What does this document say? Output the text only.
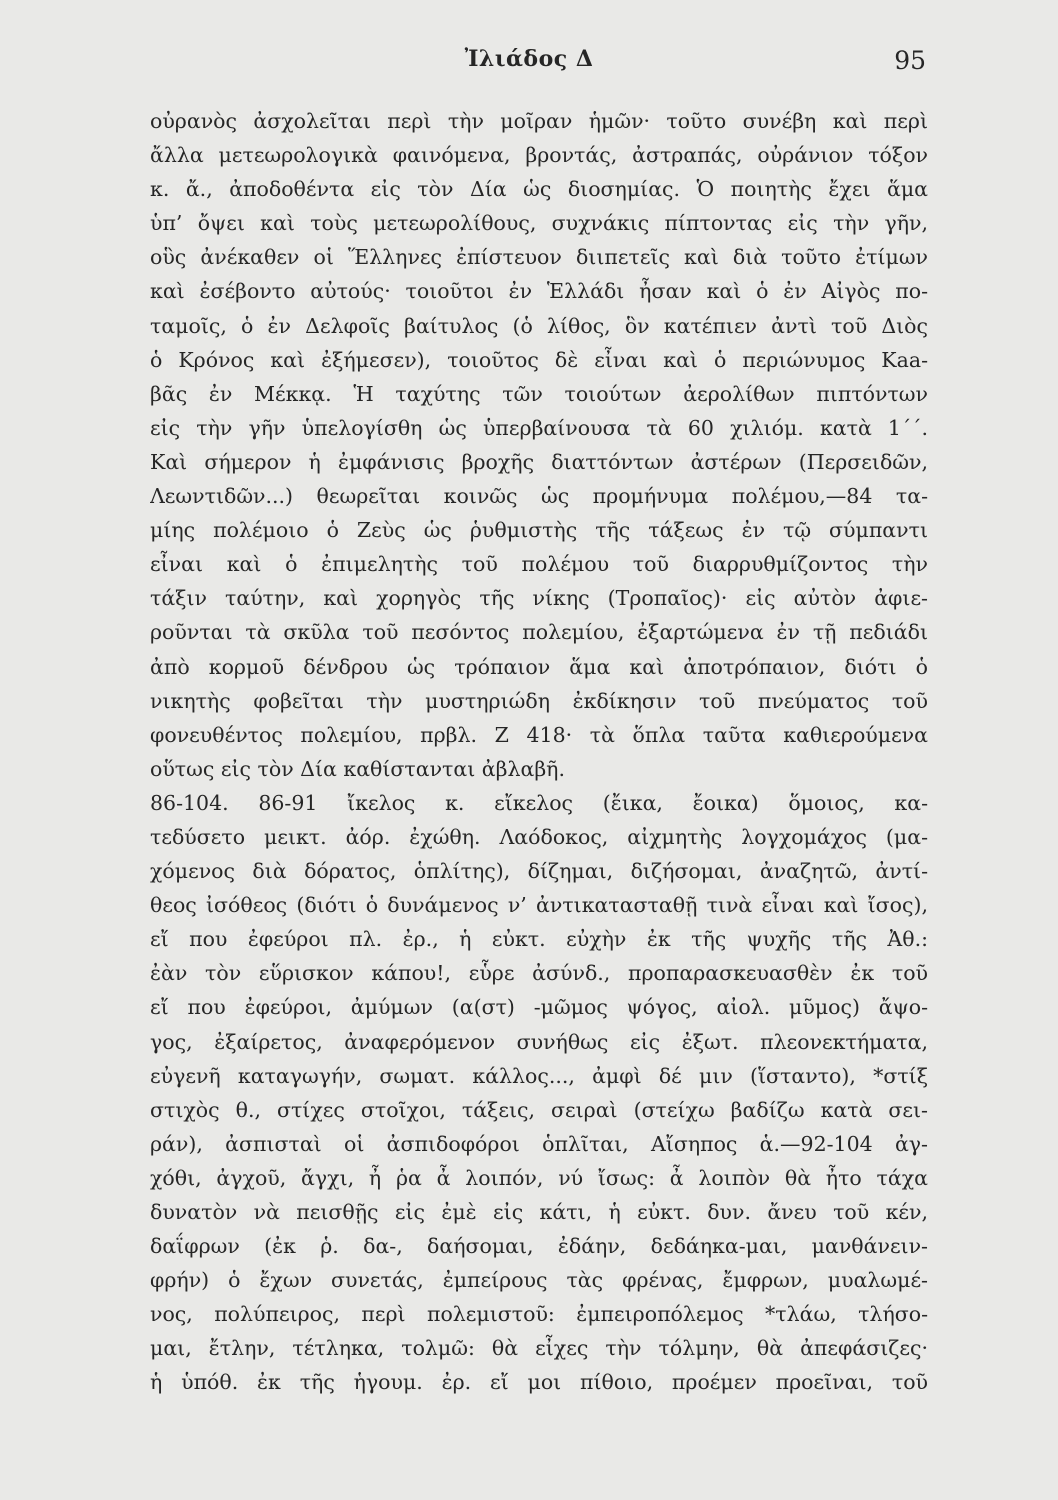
Ἰλιάδος Δ	95
οὐρανὸς ἀσχολεῖται περὶ τὴν μοῖραν ἡμῶν· τοῦτο συνέβη καὶ περὶ
ἄλλα μετεωρολογικὰ φαινόμενα, βροντάς, ἀστραπάς, οὐράνιον τόξον
κ. ἄ., ἀποδοθέντα εἰς τὸν Δία ὡς διοσημίας. Ὁ ποιητὴς ἔχει ἅμα
ὑπ’ ὄψει καὶ τοὺς μετεωρολίθους, συχνάκις πίπτοντας εἰς τὴν γῆν,
οὓς ἀνέκαθεν οἱ Ἕλληνες ἐπίστευον διιπετεῖς καὶ διὰ τοῦτο ἐτίμων
καὶ ἐσέβοντο αὐτούς· τοιοῦτοι ἐν Ἑλλάδι ἦσαν καὶ ὁ ἐν Αἰγὸς πο-
ταμοῖς, ὁ ἐν Δελφοῖς βαίτυλος (ὁ λίθος, ὃν κατέπιεν ἀντὶ τοῦ Διὸς
ὁ Κρόνος καὶ ἐξήμεσεν), τοιοῦτος δὲ εἶναι καὶ ὁ περιώνυμος Κaa-
βᾶς ἐν Μέκκᾳ. Ἡ ταχύτης τῶν τοιούτων ἀερολίθων πιπτόντων
εἰς τὴν γῆν ὑπελογίσθη ὡς ὑπερβαίνουσα τὰ 60 χιλιόμ. κατὰ 1΄΄.
Καὶ σήμερον ἡ ἐμφάνισις βροχῆς διαττόντων ἀστέρων (Περσειδῶν,
Λεωντιδῶν...) θεωρεῖται κοινῶς ὡς προμήνυμα πολέμου,—84 τα-
μίης πολέμοιο ὁ Ζεὺς ὡς ῥυθμιστὴς τῆς τάξεως ἐν τῷ σύμπαντι
εἶναι καὶ ὁ ἐπιμελητὴς τοῦ πολέμου τοῦ διαρρυθμίζοντος τὴν
τάξιν ταύτην, καὶ χορηγὸς τῆς νίκης (Τροπαῖος)· εἰς αὐτὸν ἀφιε-
ροῦνται τὰ σκῦλα τοῦ πεσόντος πολεμίου, ἐξαρτώμενα ἐν τῇ πεδιάδι
ἀπὸ κορμοῦ δένδρου ὡς τρόπαιον ἅμα καὶ ἀποτρόπαιον, διότι ὁ
νικητὴς φοβεῖται τὴν μυστηριώδη ἐκδίκησιν τοῦ πνεύματος τοῦ
φονευθέντος πολεμίου, πρβλ. Ζ 418· τὰ ὅπλα ταῦτα καθιερούμενα
οὕτως εἰς τὸν Δία καθίστανται ἀβλαβῆ.
86-104. 86-91 ἴκελος κ. εἴκελος (ἔικα, ἔοικα) ὅμοιος, κα-
τεδύσετο μεικτ. ἀόρ. ἐχώθη. Λαόδοκος, αἰχμητὴς λογχομάχος (μα-
χόμενος διὰ δόρατος, ὁπλίτης), δίζημαι, διζήσομαι, ἀναζητῶ, ἀντί-
θεος ἰσόθεος (διότι ὁ δυνάμενος ν’ ἀντικατασταθῇ τινὰ εἶναι καὶ ἴσος),
εἴ που ἐφεύροι πλ. ἐρ., ἡ εὐκτ. εὐχὴν ἐκ τῆς ψυχῆς τῆς Ἀθ.:
ἐὰν τὸν εὕρισκον κάπου!, εὗρε ἀσύνδ., προπαρασκευασθὲν ἐκ τοῦ
εἴ που ἐφεύροι, ἀμύμων (α(στ) -μῶμος ψόγος, αἰολ. μῦμος) ἄψο-
γος, ἐξαίρετος, ἀναφερόμενον συνήθως εἰς ἐξωτ. πλεονεκτήματα,
εὐγενῆ καταγωγήν, σωματ. κάλλος..., ἀμφὶ δέ μιν (ἵσταντο), *στίξ
στιχὸς θ., στίχες στοῖχοι, τάξεις, σειραὶ (στείχω βαδίζω κατὰ σει-
ράν), ἀσπισταὶ οἱ ἀσπιδοφόροι ὁπλῖται, Αἴσηπος ἁ.—92-104 ἀγ-
χόθι, ἀγχοῦ, ἄγχι, ἦ ῥα ἆ λοιπόν, νύ ἴσως: ἆ λοιπὸν θὰ ἦτο τάχα
δυνατὸν νὰ πεισθῇς εἰς ἐμὲ εἰς κάτι, ἡ εὐκτ. δυν. ἄνευ τοῦ κέν,
δαΐφρων (ἐκ ῥ. δα-, δαήσομαι, ἐδάην, δεδάηκα-μαι, μανθάνειν-
φρήν) ὁ ἔχων συνετάς, ἐμπείρους τὰς φρένας, ἔμφρων, μυαλωμέ-
νος, πολύπειρος, περὶ πολεμιστοῦ: ἐμπειροπόλεμος *τλάω, τλήσο-
μαι, ἔτλην, τέτληκα, τολμῶ: θὰ εἶχες τὴν τόλμην, θὰ ἀπεφάσιζες·
ἡ ὑπόθ. ἐκ τῆς ἡγουμ. ἐρ. εἴ μοι πίθοιο, προέμεν προεῖναι, τοῦ
